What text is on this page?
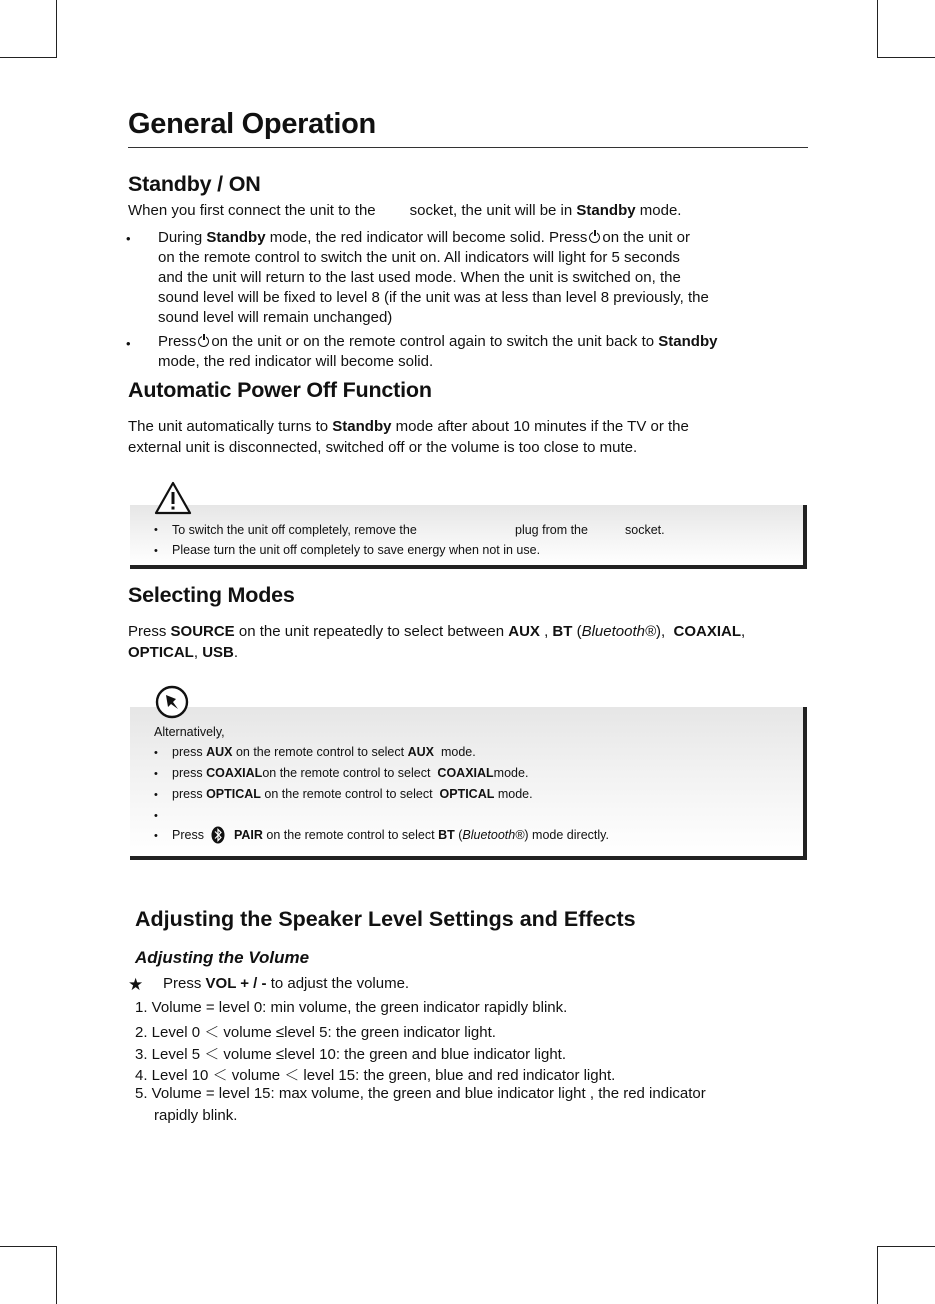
General Operation
Standby / ON
When you first connect the unit to the socket, the unit will be in Standby mode.
• During Standby mode, the red indicator will become solid. Press on the unit or
on the remote control to switch the unit on. All indicators will light for 5 seconds
and the unit will return to the last used mode. When the unit is switched on, the
sound level will be fixed to level 8 (if the unit was at less than level 8 previously, the
sound level will remain unchanged)
• Press on the unit or on the remote control again to switch the unit back to Standby
mode, the red indicator will become solid.
Automatic Power Off Function
The unit automatically turns to Standby mode after about 10 minutes if the TV or the
external unit is disconnected, switched off or the volume is too close to mute.
• To switch the unit off completely, remove the	plug from the	socket.
• Please turn the unit off completely to save energy when not in use.
Selecting Modes
Press SOURCE on the unit repeatedly to select between AUX , BT (Bluetooth®), COAXIAL,
OPTICAL, USB.
Alternatively,
• press AUX on the remote control to select AUX mode.
• press COAXIALon the remote control to select COAXIALmode.
• press OPTICAL on the remote control to select OPTICAL mode.
•
• Press PAIR on the remote control to select BT (Bluetooth®) mode directly.
Adjusting the Speaker Level Settings and Effects
Adjusting the Volume
★ Press VOL + / - to adjust the volume.
1. Volume = level 0: min volume, the green indicator rapidly blink.
2. Level 0 ＜ volume ≤level 5: the green indicator light.
3. Level 5 ＜ volume ≤level 10: the green and blue indicator light.
4. Level 10 ＜ volume ＜ level 15: the green, blue and red indicator light.
5. Volume = level 15: max volume, the green and blue indicator light , the red indicator
rapidly blink.
